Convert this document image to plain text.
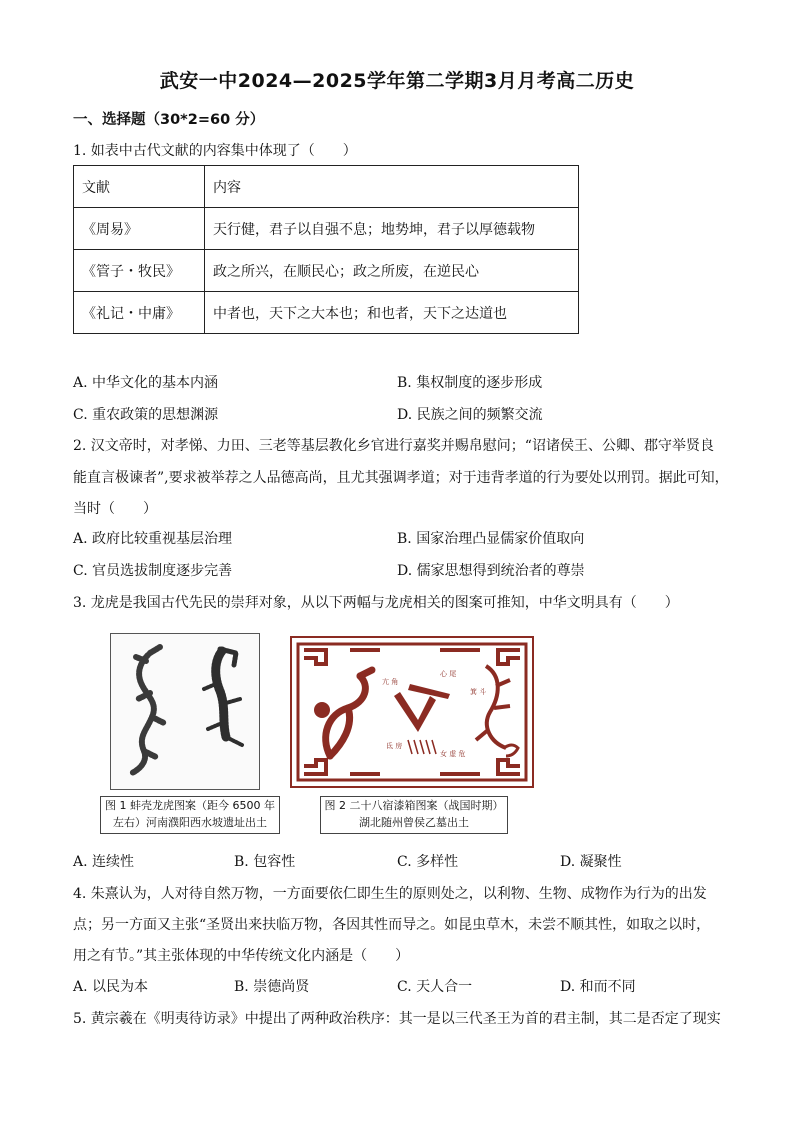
武安一中2024—2025学年第二学期3月月考高二历史
一、选择题（30*2=60 分）
1. 如表中古代文献的内容集中体现了（　　）
文献	内容
《周易》	天行健，君子以自强不息；地势坤，君子以厚德载物
《管子・牧民》	政之所兴，在顺民心；政之所废，在逆民心
《礼记・中庸》	中者也，天下之大本也；和也者，天下之达道也
A. 中华文化的基本内涵	B. 集权制度的逐步形成
C. 重农政策的思想渊源	D. 民族之间的频繁交流
2. 汉文帝时，对孝悌、力田、三老等基层教化乡官进行嘉奖并赐帛慰问；“诏诸侯王、公卿、郡守举贤良
能直言极谏者”,要求被举荐之人品德高尚，且尤其强调孝道；对于违背孝道的行为要处以刑罚。据此可知，
当时（　　）
A. 政府比较重视基层治理	B. 国家治理凸显儒家价值取向
C. 官员选拔制度逐步完善	D. 儒家思想得到统治者的尊崇
3. 龙虎是我国古代先民的崇拜对象，从以下两幅与龙虎相关的图案可推知，中华文明具有（　　）
图 1 蚌壳龙虎图案（距今 6500 年
左右）河南濮阳西水坡遗址出土
亢 角
心 尾
箕 斗
氐 房
女 虚 危
图 2 二十八宿漆箱图案（战国时期）
湖北随州曾侯乙墓出土
A. 连续性	B. 包容性	C. 多样性	D. 凝聚性
4. 朱熹认为，人对待自然万物，一方面要依仁即生生的原则处之，以利物、生物、成物作为行为的出发
点；另一方面又主张“圣贤出来扶临万物，各因其性而导之。如昆虫草木，未尝不顺其性，如取之以时，
用之有节。”其主张体现的中华传统文化内涵是（　　）
A. 以民为本	B. 崇德尚贤	C. 天人合一	D. 和而不同
5. 黄宗羲在《明夷待访录》中提出了两种政治秩序：其一是以三代圣王为首的君主制，其二是否定了现实
